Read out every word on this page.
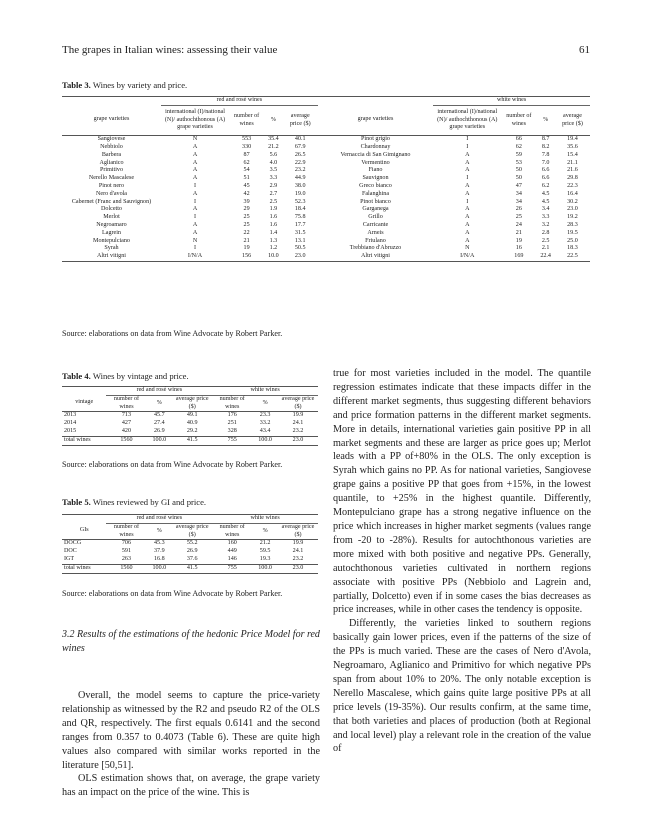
The grapes in Italian wines: assessing their value	61
Table 3. Wines by variety and price.
	red and rosé wines					white wines			
grape varieties	international (I)/national (N)/ authochthonous (A) grape varieties	number of wines	%	average price ($)	grape varieties	international (I)/national (N)/ authochthonous (A) grape varieties	number of wines	%	average price ($)
Sangiovese	N	553	35.4	40.1	Pinot grigio	I	66	8.7	19.4
Nebbiolo	A	330	21.2	67.9	Chardonnay	I	62	8.2	35.6
Barbera	A	87	5.6	26.5	Vernaccia di San Gimignano	A	59	7.8	15.4
Aglianico	A	62	4.0	22.9	Vermentino	A	53	7.0	21.1
Primitivo	A	54	3.5	23.2	Fiano	A	50	6.6	21.6
Nerello Mascalese	A	51	3.3	44.9	Sauvignon	I	50	6.6	29.8
Pinot nero	I	45	2.9	38.0	Greco bianco	A	47	6.2	22.3
Nero d'avola	A	42	2.7	19.0	Falanghina	A	34	4.5	16.4
Cabernet (Franc and Sauvignon)	I	39	2.5	52.3	Pinot bianco	I	34	4.5	30.2
Dolcetto	A	29	1.9	18.4	Garganega	A	26	3.4	23.0
Merlot	I	25	1.6	75.8	Grillo	A	25	3.3	19.2
Negroamaro	A	25	1.6	17.7	Carricante	A	24	3.2	28.3
Lagrein	A	22	1.4	31.5	Arneis	A	21	2.8	19.5
Montepulciano	N	21	1.3	13.1	Friulano	A	19	2.5	25.0
Syrah	I	19	1.2	50.5	Trebbiano d'Abruzzo	N	16	2.1	18.3
Altri vitigni	I/N/A	156	10.0	23.0	Altri vitigni	I/N/A	169	22.4	22.5
Source: elaborations on data from Wine Advocate by Robert Parker.
Table 4. Wines by vintage and price.
	red and rosé wines			white wines		
vintage	number of wines	%	average price ($)	number of wines	%	average price ($)
2013	713	45.7	49.1	176	23.3	19.9
2014	427	27.4	40.9	251	33.2	24.1
2015	420	26.9	29.2	328	43.4	23.2
total wines	1560	100.0	41.5	755	100.0	23.0
Source: elaborations on data from Wine Advocate by Robert Parker.
Table 5. Wines reviewed by GI and price.
	red and rosé wines			white wines		
GIs	number of wines	%	average price ($)	number of wines	%	average price ($)
DOCG	706	45.3	55.2	160	21.2	19.9
DOC	591	37.9	26.9	449	59.5	24.1
IGT	263	16.8	37.6	146	19.3	23.2
total wines	1560	100.0	41.5	755	100.0	23.0
Source: elaborations on data from Wine Advocate by Robert Parker.
3.2 Results of the estimations of the hedonic Price Model for red wines

Overall, the model seems to capture the price-variety relationship as witnessed by the R2 and pseudo R2 of the OLS and QR, respectively. The first equals 0.6141 and the second ranges from 0.357 to 0.4073 (Table 6). These are quite high values also compared with similar works reported in the literature [50,51].

OLS estimation shows that, on average, the grape variety has an impact on the price of the wine. This is

true for most varieties included in the model. The quantile regression estimates indicate that these impacts differ in the different market segments, thus suggesting different behaviors and price formation patterns in the different market segments. More in details, international varieties gain positive PP in all market segments and these are larger as price goes up; Merlot leads with a PP of+80% in the OLS. The only exception is Syrah which gains no PP. As for national varieties, Sangiovese grape gains a positive PP that goes from +15%, in the lowest quantile, to +25% in the highest quantile. Differently, Montepulciano grape has a strong negative influence on the price which increases in higher market segments (values range from -20 to -28%). Results for autochthonous varieties are more mixed with both positive and negative PPs. Generally, autochthonous varieties cultivated in northern regions associate with positive PPs (Nebbiolo and Lagrein and, partially, Dolcetto) even if in some cases the bias decreases as price increases, while in other cases the tendency is opposite.

Differently, the varieties linked to southern regions basically gain lower prices, even if the patterns of the size of the PPs is much varied. These are the cases of Nero d'Avola, Negroamaro, Aglianico and Primitivo for which negative PPs span from about 10% to 20%. The only notable exception is Nerello Mascalese, which gains quite large positive PPs at all price levels (19-35%). Our results confirm, at the same time, that both varieties and places of production (both at Regional and local level) play a relevant role in the creation of the value of
